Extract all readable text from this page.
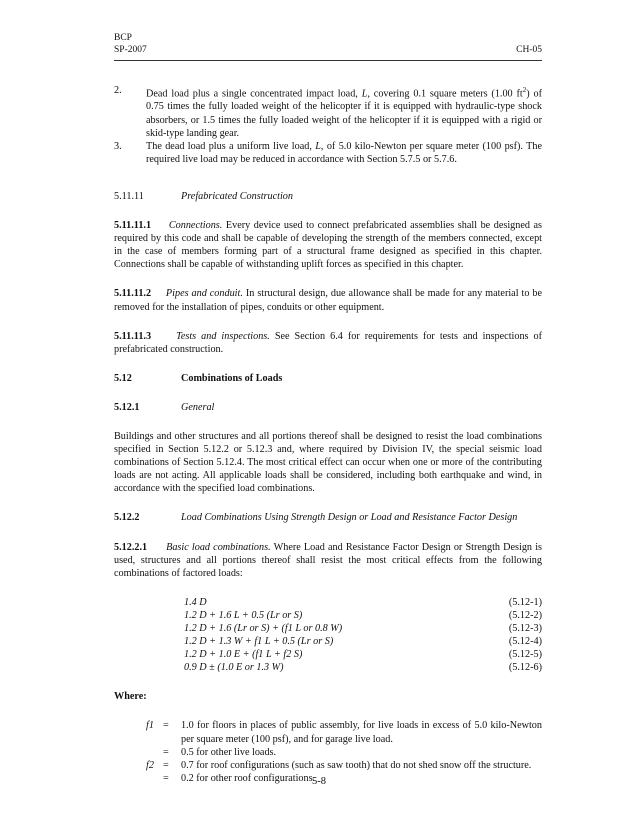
BCP
SP-2007	CH-05
2.	Dead load plus a single concentrated impact load, L, covering 0.1 square meters (1.00 $ft^2$) of 0.75 times the fully loaded weight of the helicopter if it is equipped with hydraulic-type shock absorbers, or 1.5 times the fully loaded weight of the helicopter if it is equipped with a rigid or skid-type landing gear.
3.	The dead load plus a uniform live load, L, of 5.0 kilo-Newton per square meter (100 psf). The required live load may be reduced in accordance with Section 5.7.5 or 5.7.6.
5.11.11	Prefabricated Construction

5.11.11.1 Connections. Every device used to connect prefabricated assemblies shall be designed as required by this code and shall be capable of developing the strength of the members connected, except in the case of members forming part of a structural frame designed as specified in this chapter. Connections shall be capable of withstanding uplift forces as specified in this chapter.

5.11.11.2 Pipes and conduit. In structural design, due allowance shall be made for any material to be removed for the installation of pipes, conduits or other equipment.

5.11.11.3 Tests and inspections. See Section 6.4 for requirements for tests and inspections of prefabricated construction.

5.12	Combinations of Loads
5.12.1	General

Buildings and other structures and all portions thereof shall be designed to resist the load combinations specified in Section 5.12.2 or 5.12.3 and, where required by Division IV, the special seismic load combinations of Section 5.12.4. The most critical effect can occur when one or more of the contributing loads are not acting. All applicable loads shall be considered, including both earthquake and wind, in accordance with the specified load combinations.

5.12.2	Load Combinations Using Strength Design or Load and Resistance Factor Design

5.12.2.1 Basic load combinations. Where Load and Resistance Factor Design or Strength Design is used, structures and all portions thereof shall resist the most critical effects from the following combinations of factored loads:

1.4 D	(5.12-1)
1.2 D + 1.6 L + 0.5 (Lr or S)	(5.12-2)
1.2 D + 1.6 (Lr or S) + (f1 L or 0.8 W)	(5.12-3)
1.2 D + 1.3 W + f1 L + 0.5 (Lr or S)	(5.12-4)
1.2 D + 1.0 E + (f1 L + f2 S)	(5.12-5)
0.9 D ± (1.0 E or 1.3 W)	(5.12-6)
Where:
f1 =	1.0 for floors in places of public assembly, for live loads in excess of 5.0 kilo-Newton per square meter (100 psf), and for garage live load.
=	0.5 for other live loads.
f2 =	0.7 for roof configurations (such as saw tooth) that do not shed snow off the structure.
=	0.2 for other roof configurations.
5-8
